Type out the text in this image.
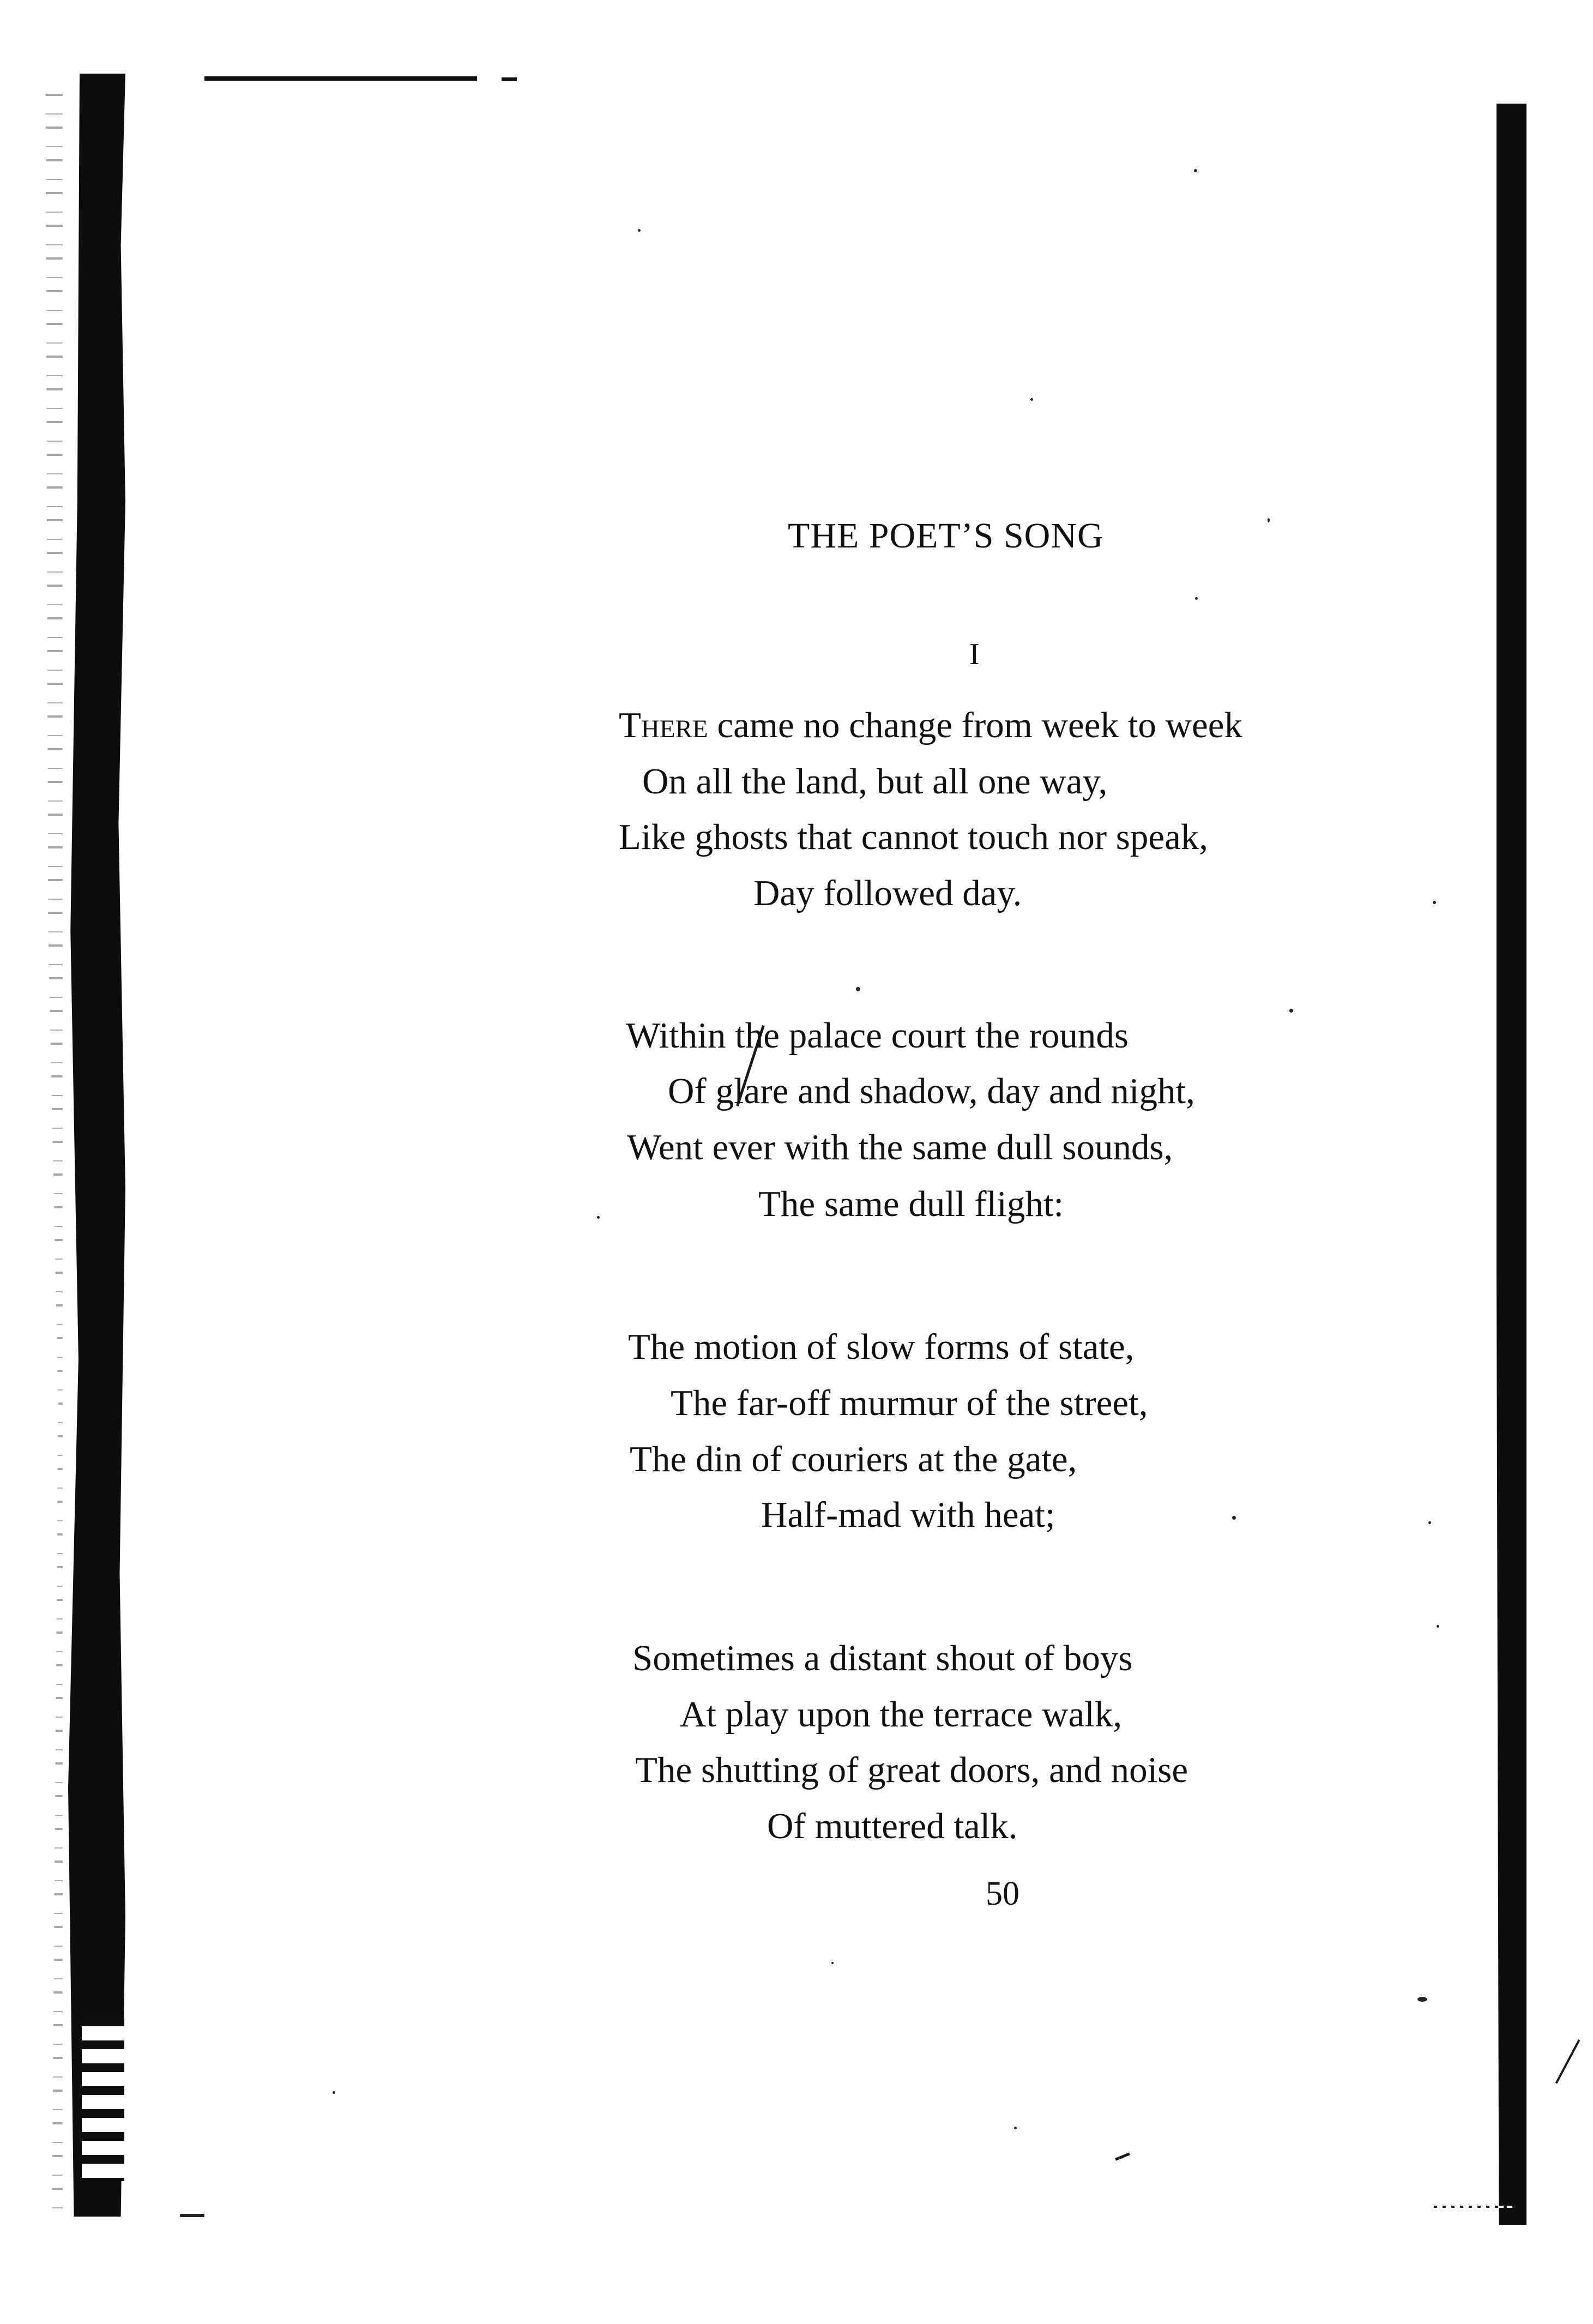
THE POET’S SONG
I
There came no change from week to week
On all the land, but all one way,
Like ghosts that cannot touch nor speak,
Day followed day.
Within the palace court the rounds
Of glare and shadow, day and night,
Went ever with the same dull sounds,
The same dull flight:
The motion of slow forms of state,
The far-off murmur of the street,
The din of couriers at the gate,
Half-mad with heat;
Sometimes a distant shout of boys
At play upon the terrace walk,
The shutting of great doors, and noise
Of muttered talk.
50
